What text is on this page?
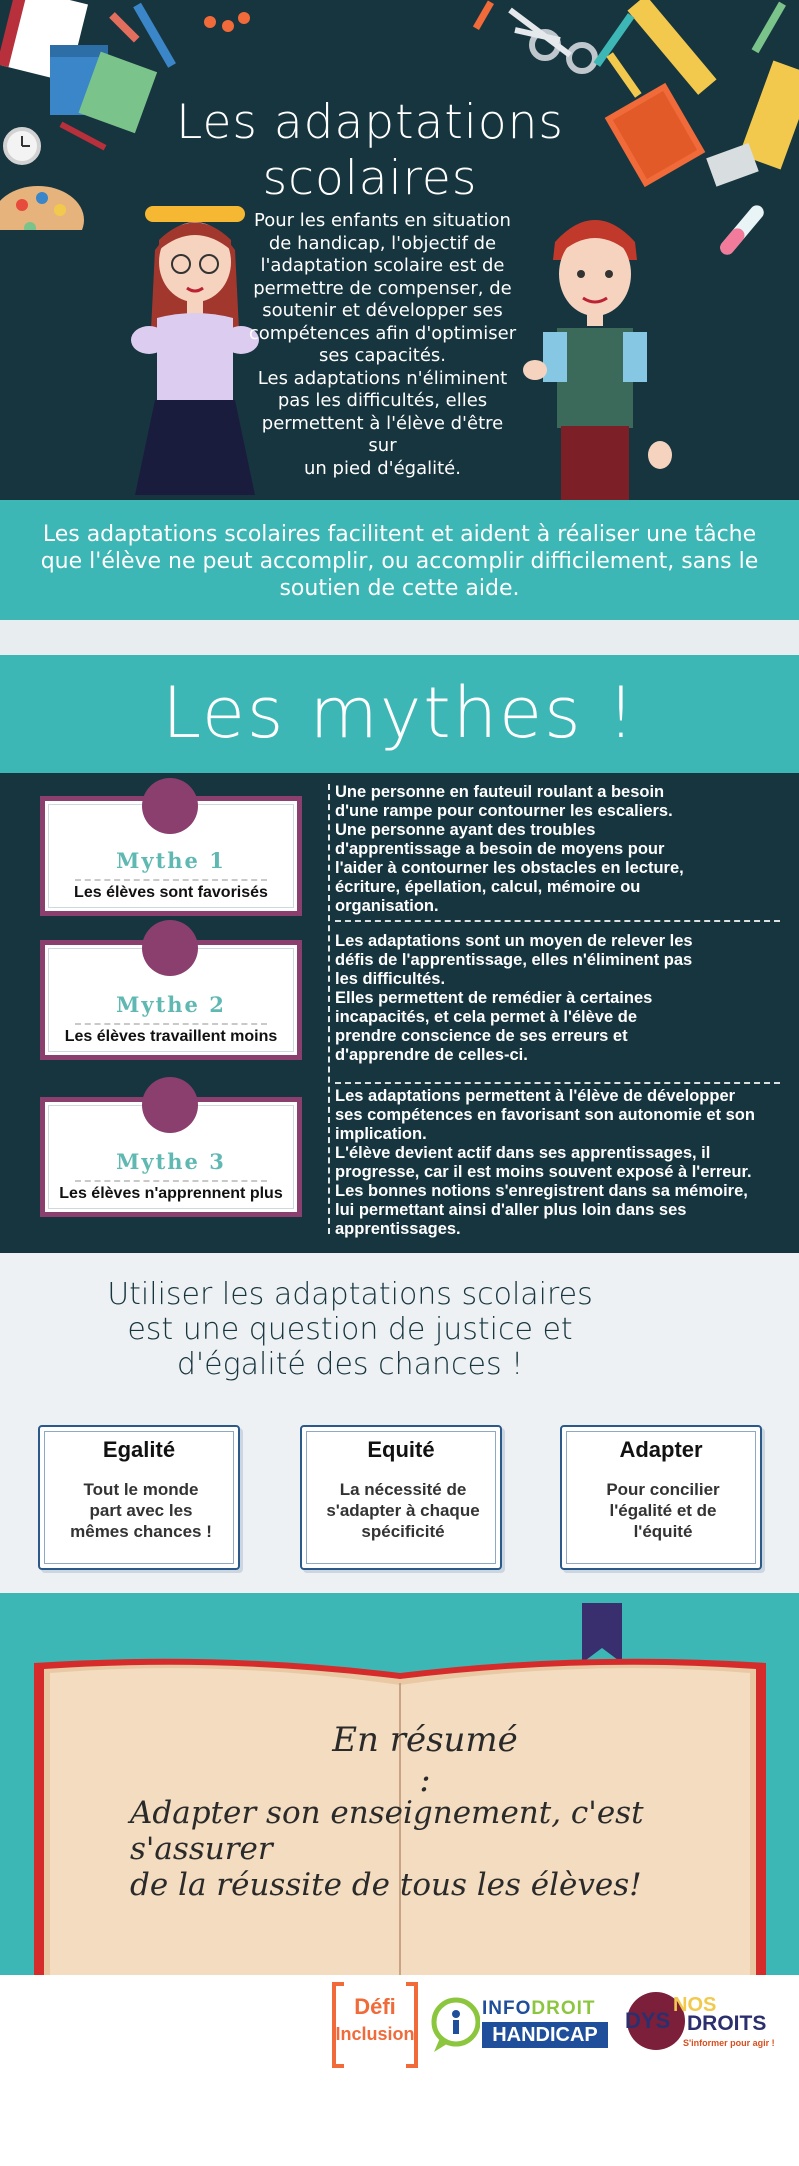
Les adaptations
scolaires
Pour les enfants en situation
de handicap, l'objectif de
l'adaptation scolaire est de
permettre de compenser, de
soutenir et développer ses
compétences afin d'optimiser
ses capacités.
Les adaptations n'éliminent
pas les difficultés, elles
permettent à l'élève d'être sur
un pied d'égalité.
Les adaptations scolaires facilitent et aident à réaliser une tâche
que l'élève ne peut accomplir, ou accomplir difficilement, sans le
soutien de cette aide.
Les mythes !
Mythe 1
Les élèves sont favorisés
Mythe 2
Les élèves travaillent moins
Mythe 3
Les élèves n'apprennent plus
Une personne en fauteuil roulant a besoin
d'une rampe pour contourner les escaliers.
Une personne ayant des troubles
d'apprentissage a besoin de moyens pour
l'aider à contourner les obstacles en lecture,
écriture, épellation, calcul, mémoire ou
organisation.
Les adaptations sont un moyen de relever les
défis de l'apprentissage, elles n'éliminent pas
les difficultés.
Elles permettent de remédier à certaines
incapacités, et cela permet à l'élève de
prendre conscience de ses erreurs et
d'apprendre de celles-ci.
Les adaptations permettent à l'élève de développer
ses compétences en favorisant son autonomie et son
implication.
L'élève devient actif dans ses apprentissages, il
progresse, car il est moins souvent exposé à l'erreur.
Les bonnes notions s'enregistrent dans sa mémoire,
lui permettant ainsi d'aller plus loin dans ses
apprentissages.
Utiliser les adaptations scolaires
est une question de justice et
d'égalité des chances !
Egalité
Tout le monde
part avec les
mêmes chances !
Equité
La nécessité de
s'adapter à chaque
spécificité
Adapter
Pour concilier
l'égalité et de
l'équité
En résumé :
Adapter son enseignement, c'est s'assurer
de la réussite de tous les élèves!
Défi
Inclusion
INFODROIT
HANDICAP
DYS
NOS
DROITS
S'informer pour agir !
